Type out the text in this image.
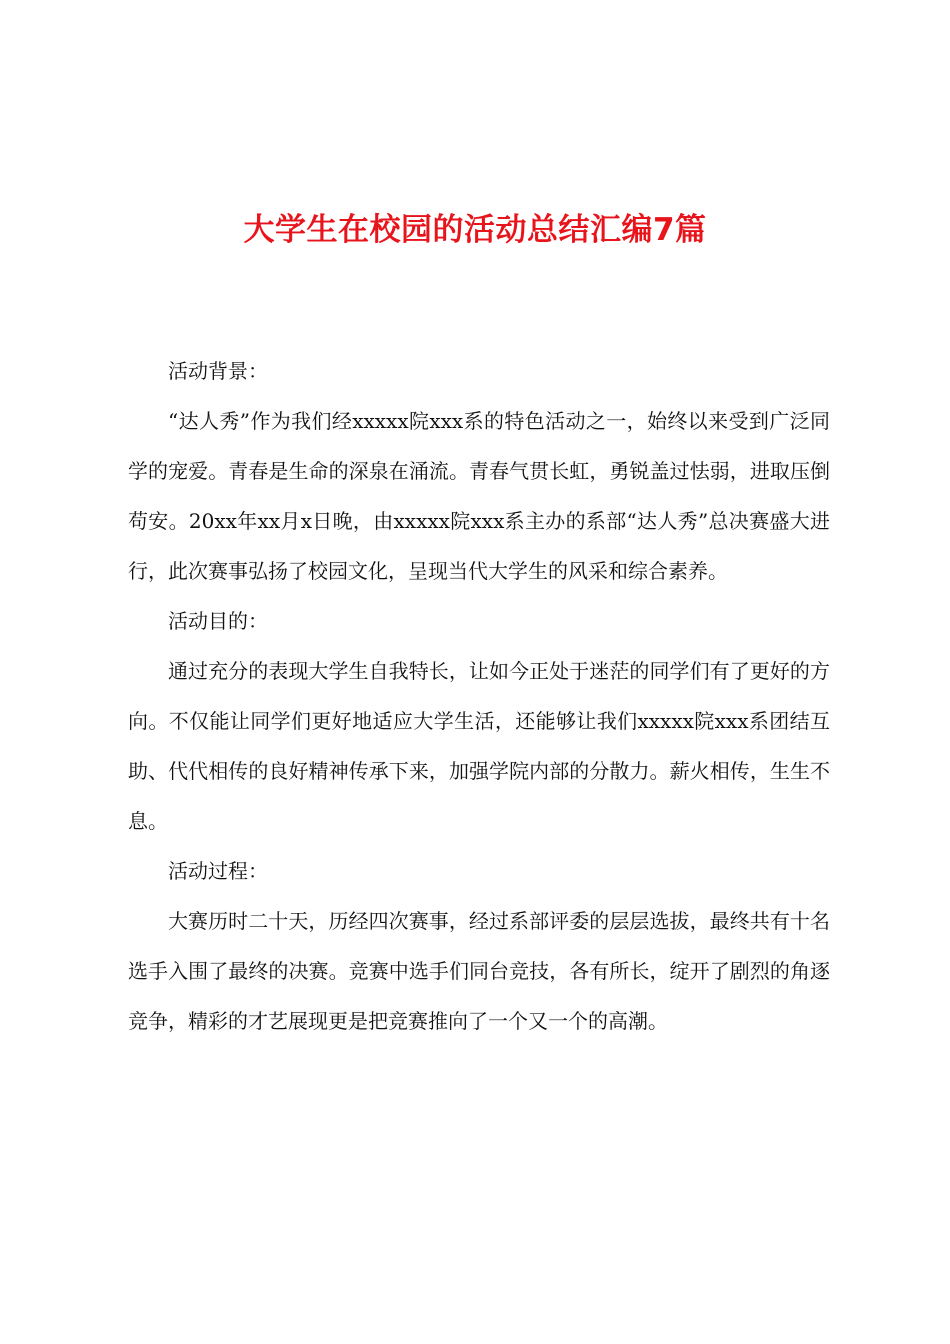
大学生在校园的活动总结汇编7篇

活动背景：

“达人秀”作为我们经xxxxx院xxx系的特色活动之一，始终以来受到广泛同学的宠爱。青春是生命的深泉在涌流。青春气贯长虹，勇锐盖过怯弱，进取压倒苟安。20xx年xx月x日晚，由xxxxx院xxx系主办的系部“达人秀”总决赛盛大进行，此次赛事弘扬了校园文化，呈现当代大学生的风采和综合素养。

活动目的：

通过充分的表现大学生自我特长，让如今正处于迷茫的同学们有了更好的方向。不仅能让同学们更好地适应大学生活，还能够让我们xxxxx院xxx系团结互助、代代相传的良好精神传承下来，加强学院内部的分散力。薪火相传，生生不息。

活动过程：

大赛历时二十天，历经四次赛事，经过系部评委的层层选拔，最终共有十名选手入围了最终的决赛。竞赛中选手们同台竞技，各有所长，绽开了剧烈的角逐竞争，精彩的才艺展现更是把竞赛推向了一个又一个的高潮。
